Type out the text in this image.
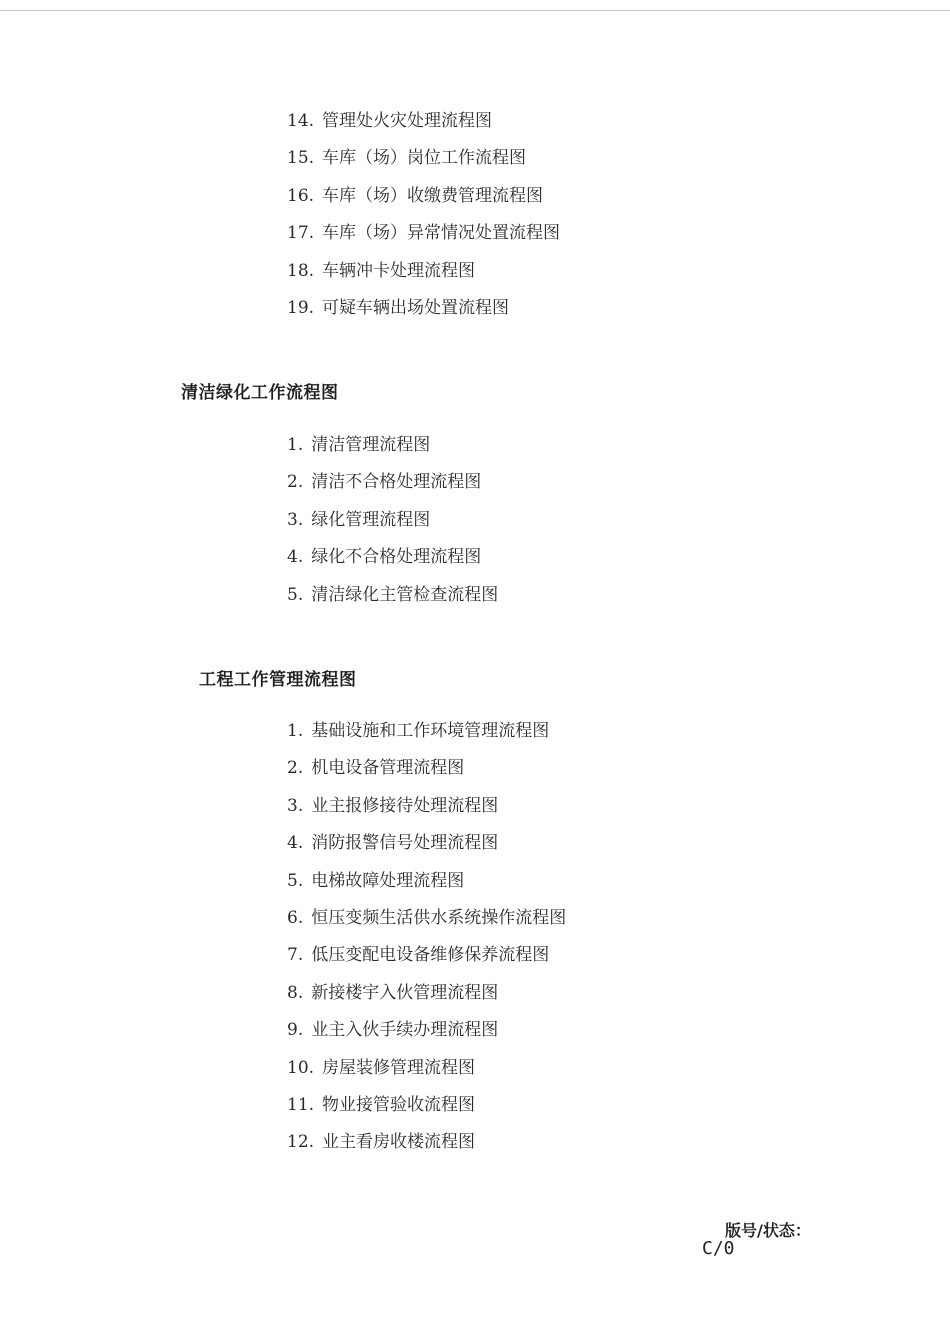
14. 管理处火灾处理流程图
15. 车库（场）岗位工作流程图
16. 车库（场）收缴费管理流程图
17. 车库（场）异常情况处置流程图
18. 车辆冲卡处理流程图
19. 可疑车辆出场处置流程图
清洁绿化工作流程图
1. 清洁管理流程图
2. 清洁不合格处理流程图
3. 绿化管理流程图
4. 绿化不合格处理流程图
5. 清洁绿化主管检查流程图
工程工作管理流程图
1. 基础设施和工作环境管理流程图
2. 机电设备管理流程图
3. 业主报修接待处理流程图
4. 消防报警信号处理流程图
5. 电梯故障处理流程图
6. 恒压变频生活供水系统操作流程图
7. 低压变配电设备维修保养流程图
8. 新接楼宇入伙管理流程图
9. 业主入伙手续办理流程图
10. 房屋装修管理流程图
11. 物业接管验收流程图
12. 业主看房收楼流程图
版号/状态：
C/0
